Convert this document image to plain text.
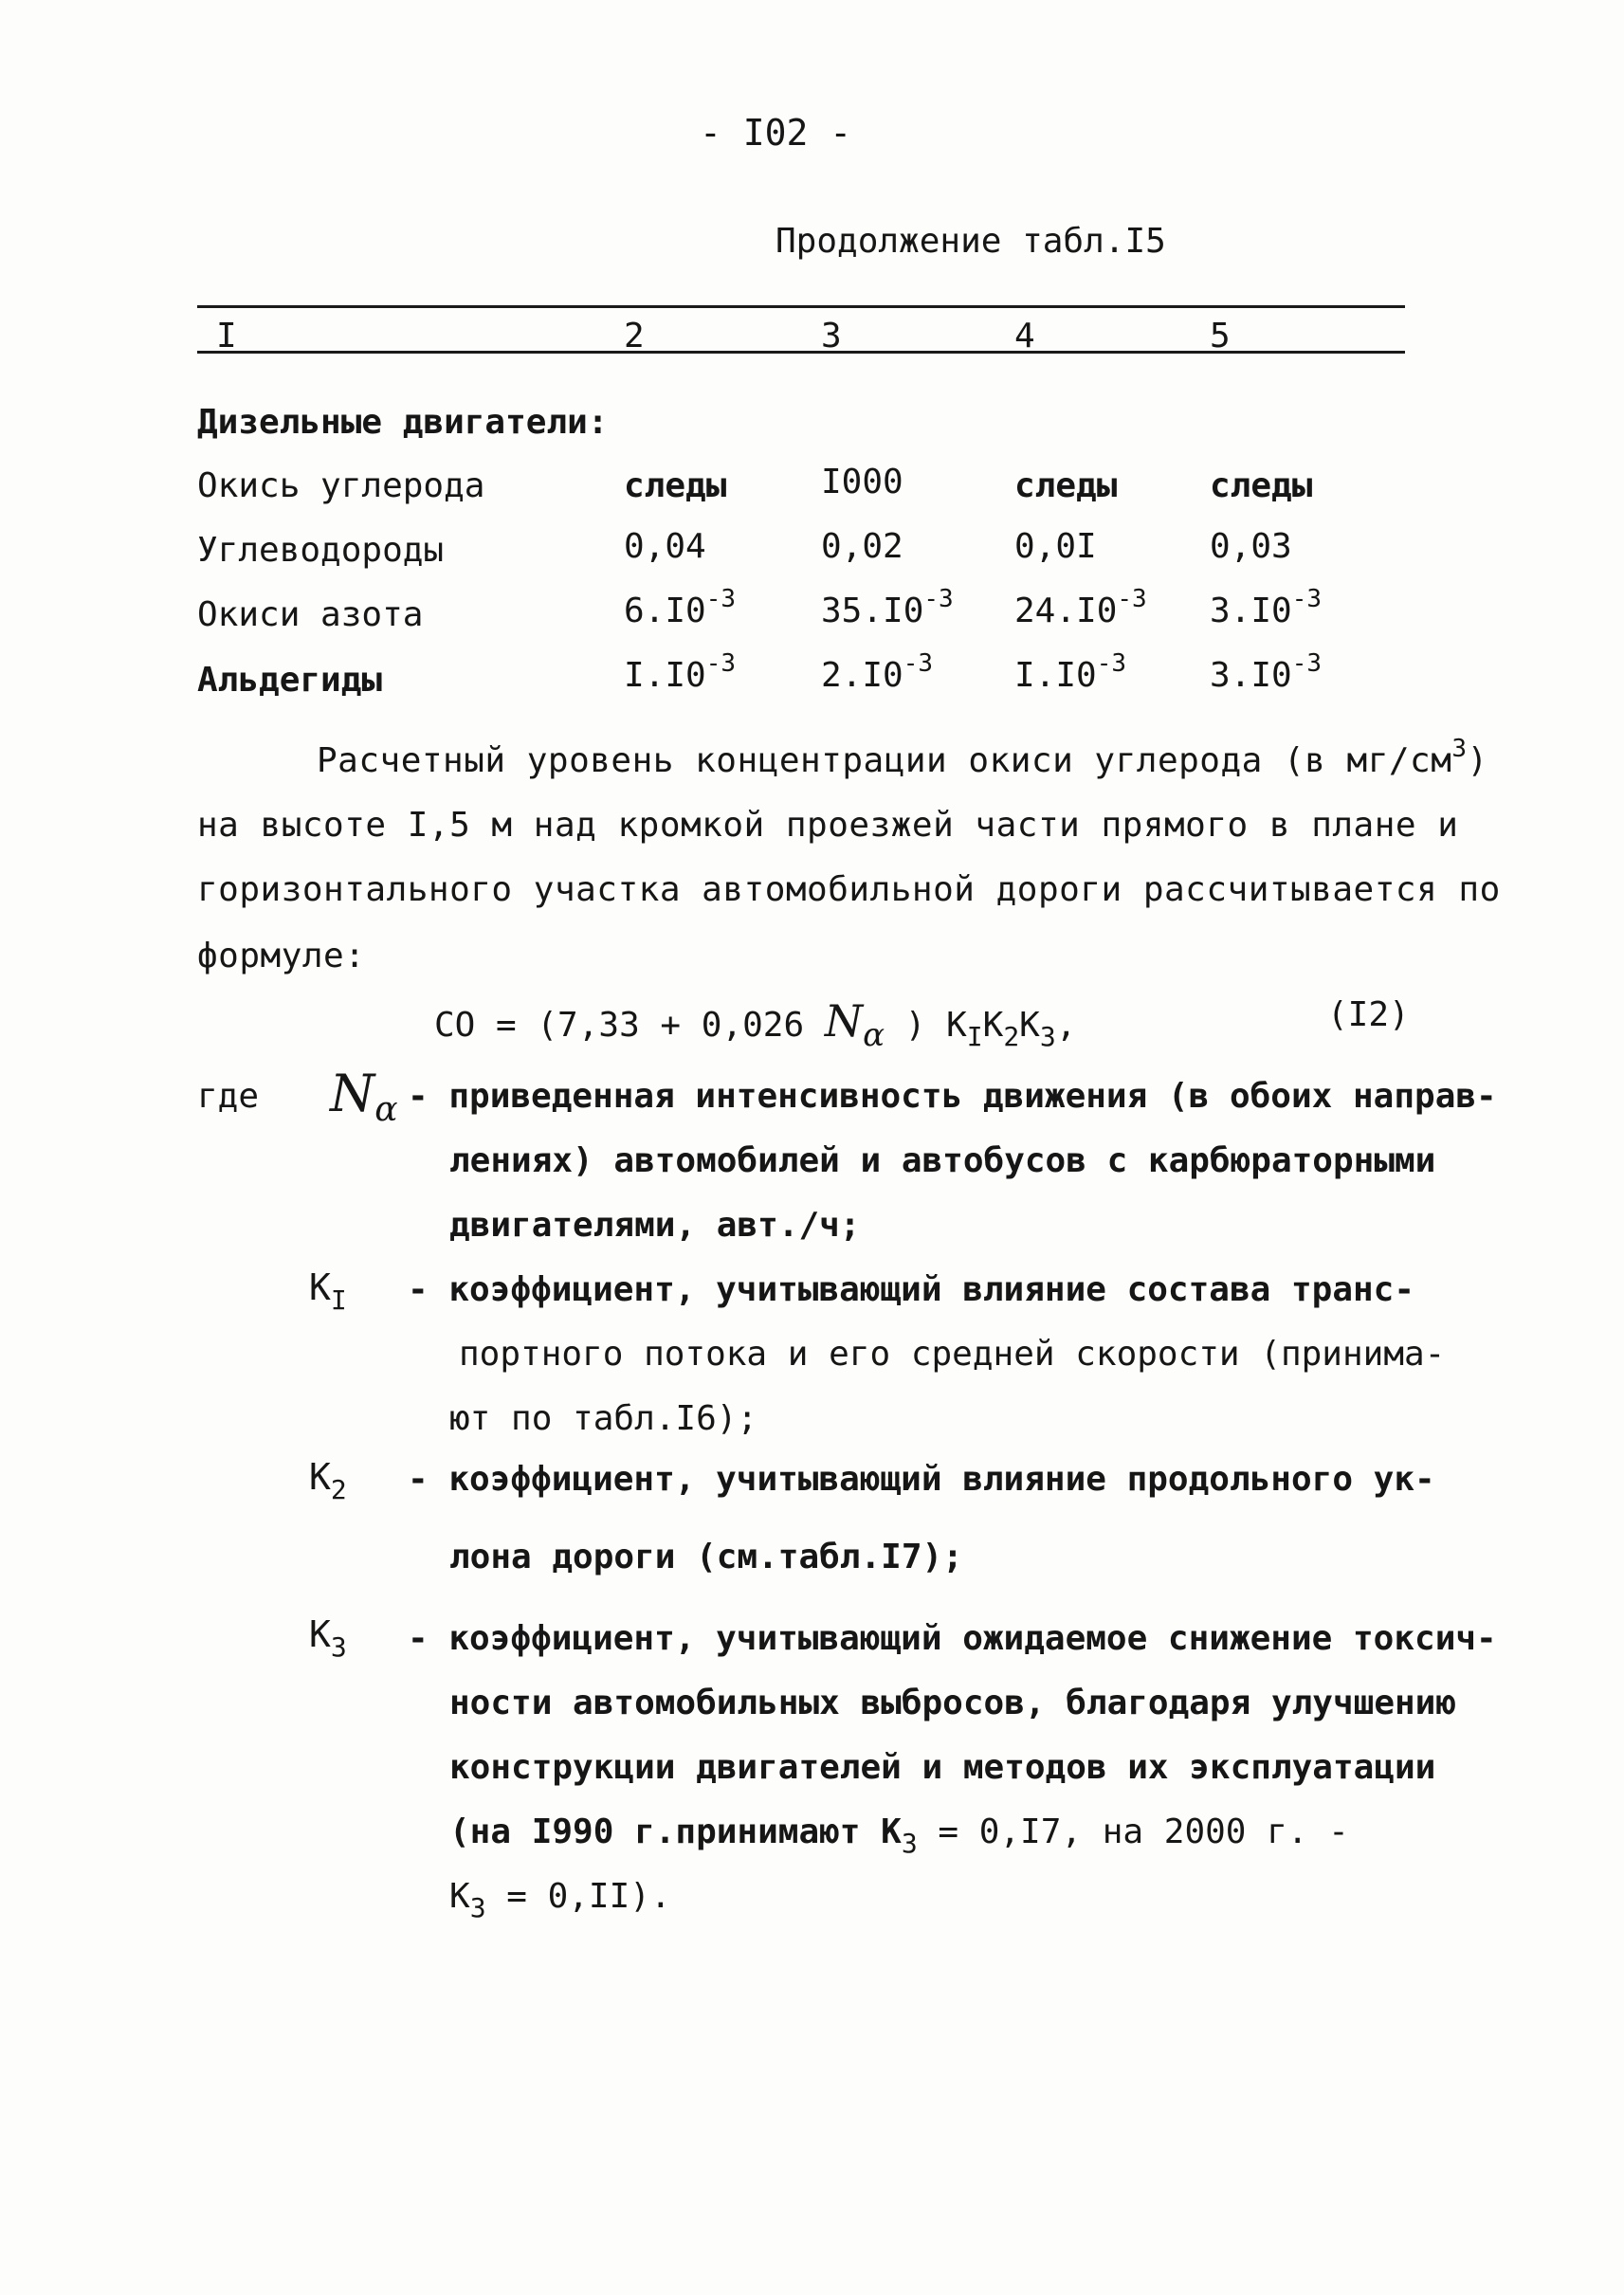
- I02 -
Продолжение табл.I5
I	2	3	4	5
Дизельные двигатели:
Окись углерода	следы	I000	следы	следы
Углеводороды	0,04	0,02	0,0I	0,03
Окиси азота	$6.I0^{-3}$ $35.I0^{-3}$ $24.I0^{-3}$ $3.I0^{-3}$
Альдегиды	$I.I0^{-3}$ $2.I0^{-3}$ $I.I0^{-3}$ $3.I0^{-3}$
Расчетный уровень концентрации окиси углерода (в $мг/см^3$)
на высоте I,5 м над кромкой проезжей части прямого в плане и
горизонтального участка автомобильной дороги рассчитывается по
формуле:
CO = (7,33 + 0,026 $N_\alpha$ ) $K_IK_2K_3$,	(I2)
где $N_\alpha$ - приведенная интенсивность движения (в обоих направ-
лениях) автомобилей и автобусов с карбюраторными
двигателями, авт./ч;
$K_I$ - коэффициент, учитывающий влияние состава транс-
портного потока и его средней скорости (принима-
ют по табл.I6);
$K_2$ - коэффициент, учитывающий влияние продольного ук-
лона дороги (см.табл.I7);
$K_3$ - коэффициент, учитывающий ожидаемое снижение токсич-
ности автомобильных выбросов, благодаря улучшению
конструкции двигателей и методов их эксплуатации
(на I990 г.принимают $K_3 = 0,I7$, на 2000 г. -
$K_3 = 0,II$).
